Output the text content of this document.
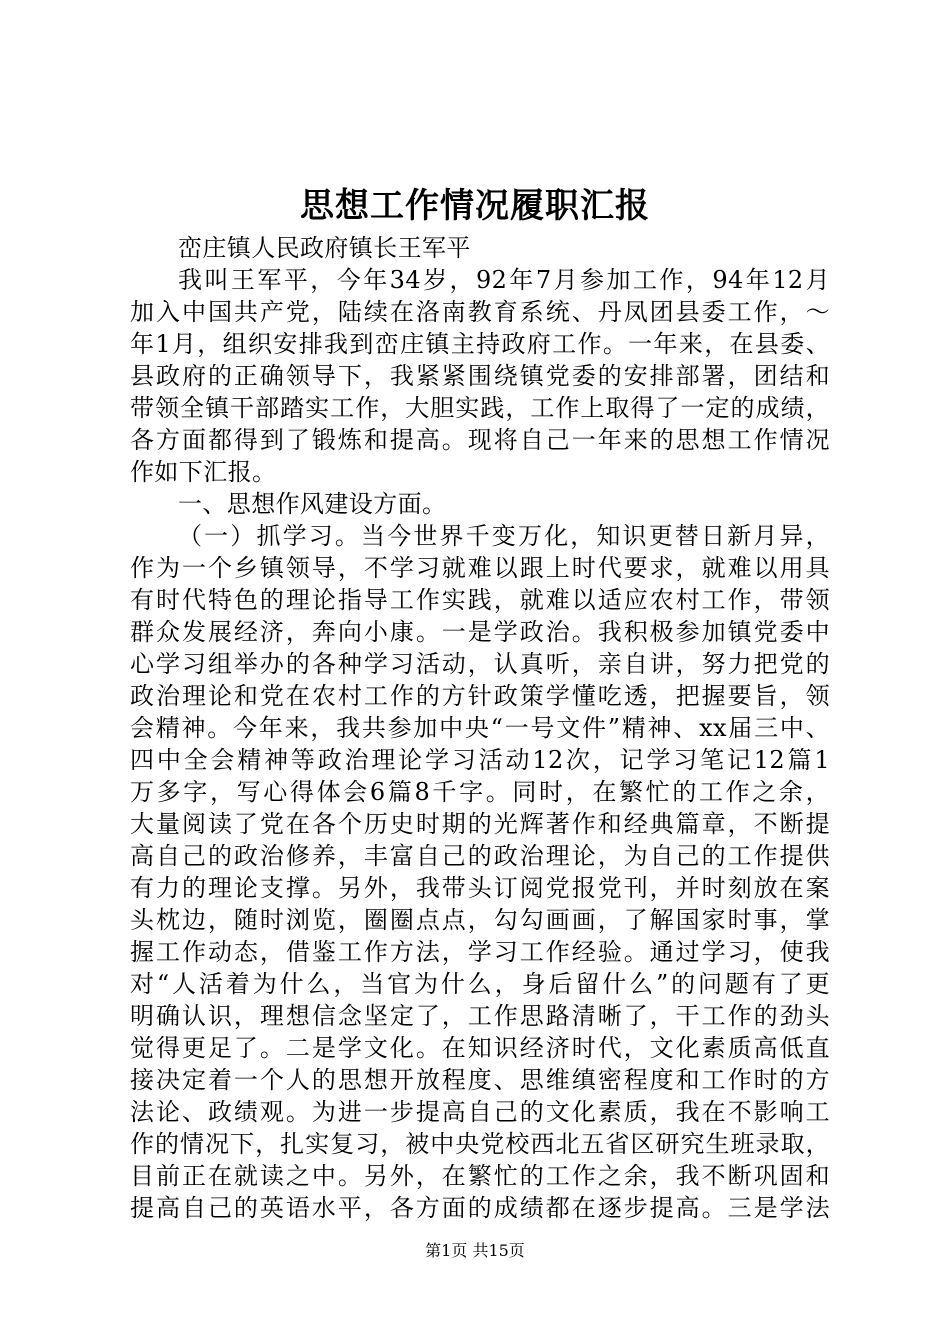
思想工作情况履职汇报
峦庄镇人民政府镇长王军平
我叫王军平，今年34岁，92年7月参加工作，94年12月
加入中国共产党，陆续在洛南教育系统、丹凤团县委工作，～
年1月，组织安排我到峦庄镇主持政府工作。一年来，在县委、
县政府的正确领导下，我紧紧围绕镇党委的安排部署，团结和
带领全镇干部踏实工作，大胆实践，工作上取得了一定的成绩，
各方面都得到了锻炼和提高。现将自己一年来的思想工作情况
作如下汇报。
一、思想作风建设方面。
（一）抓学习。当今世界千变万化，知识更替日新月异，
作为一个乡镇领导，不学习就难以跟上时代要求，就难以用具
有时代特色的理论指导工作实践，就难以适应农村工作，带领
群众发展经济，奔向小康。一是学政治。我积极参加镇党委中
心学习组举办的各种学习活动，认真听，亲自讲，努力把党的
政治理论和党在农村工作的方针政策学懂吃透，把握要旨，领
会精神。今年来，我共参加中央“一号文件”精神、xx届三中、
四中全会精神等政治理论学习活动12次，记学习笔记12篇1
万多字，写心得体会6篇8千字。同时，在繁忙的工作之余，
大量阅读了党在各个历史时期的光辉著作和经典篇章，不断提
高自己的政治修养，丰富自己的政治理论，为自己的工作提供
有力的理论支撑。另外，我带头订阅党报党刊，并时刻放在案
头枕边，随时浏览，圈圈点点，勾勾画画，了解国家时事，掌
握工作动态，借鉴工作方法，学习工作经验。通过学习，使我
对“人活着为什么，当官为什么，身后留什么”的问题有了更
明确认识，理想信念坚定了，工作思路清晰了，干工作的劲头
觉得更足了。二是学文化。在知识经济时代，文化素质高低直
接决定着一个人的思想开放程度、思维缜密程度和工作时的方
法论、政绩观。为进一步提高自己的文化素质，我在不影响工
作的情况下，扎实复习，被中央党校西北五省区研究生班录取，
目前正在就读之中。另外，在繁忙的工作之余，我不断巩固和
提高自己的英语水平，各方面的成绩都在逐步提高。三是学法
第1页 共15页
